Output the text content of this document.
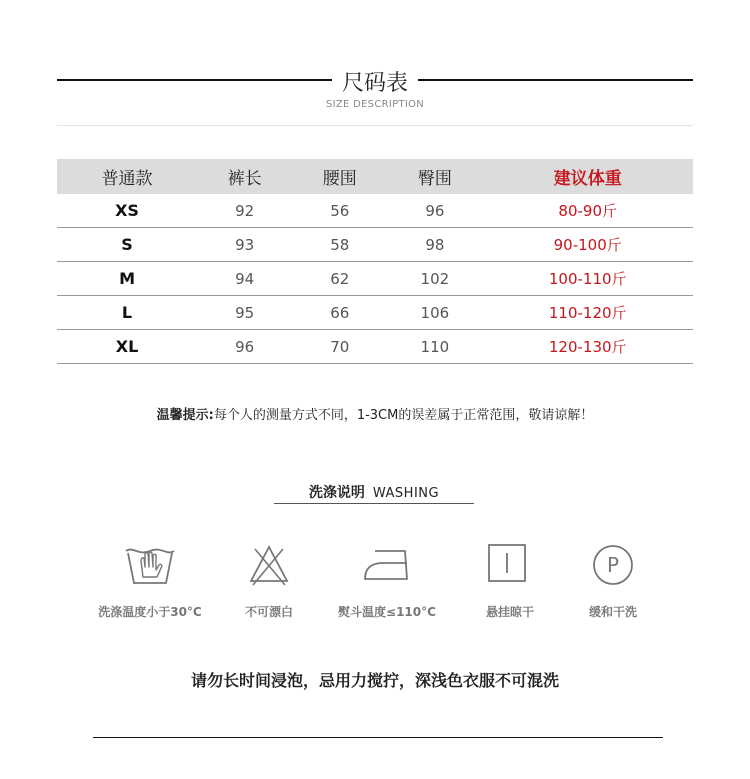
尺码表
SIZE DESCRIPTION
普通款	裤长	腰围	臀围	建议体重
XS	92	56	96	80-90斤
S	93	58	98	90-100斤
M	94	62	102	100-110斤
L	95	66	106	110-120斤
XL	96	70	110	120-130斤
温馨提示:每个人的测量方式不同，1-3CM的误差属于正常范围，敬请谅解！
洗涤说明 WASHING
P
洗涤温度小于30°C	不可漂白	熨斗温度≤110°C	悬挂晾干	缓和干洗
请勿长时间浸泡，忌用力搅拧，深浅色衣服不可混洗
